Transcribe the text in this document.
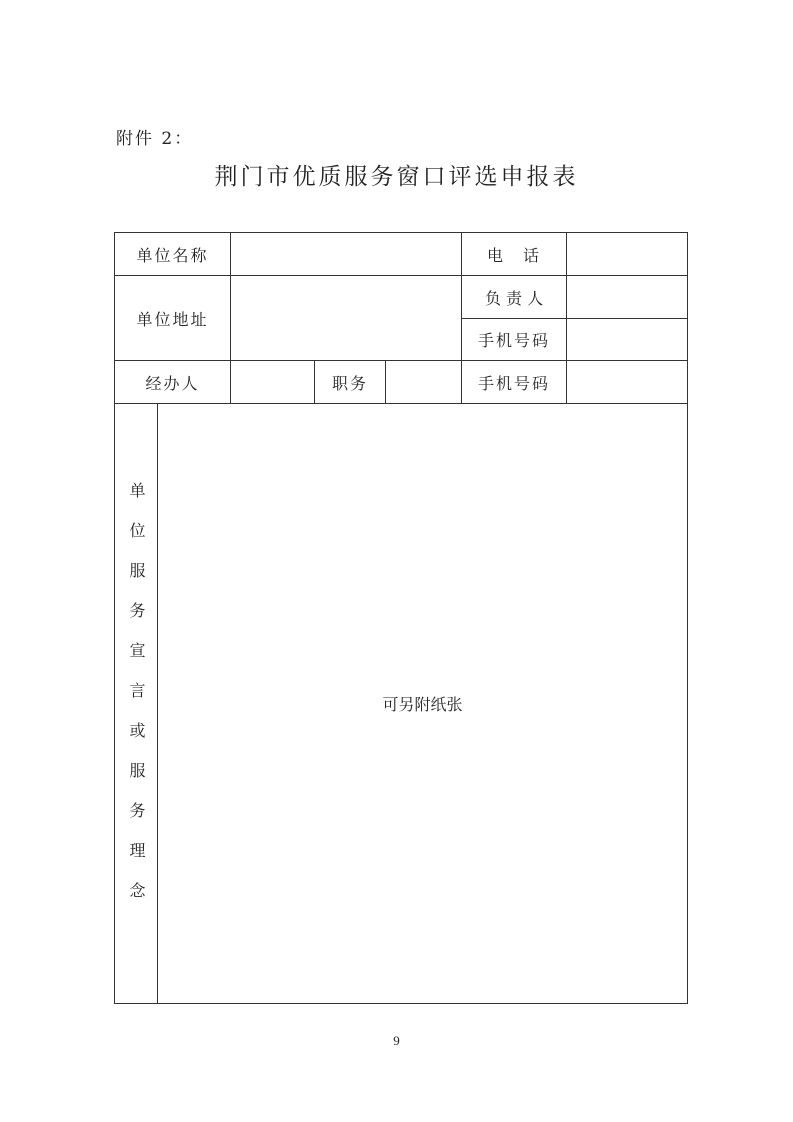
附件 2：
荆门市优质服务窗口评选申报表
单位名称					电　话	
单位地址					负 责 人	
					手机号码	
经办人			职务		手机号码	
单位服务宣言或服务理念	可另附纸张					
9
